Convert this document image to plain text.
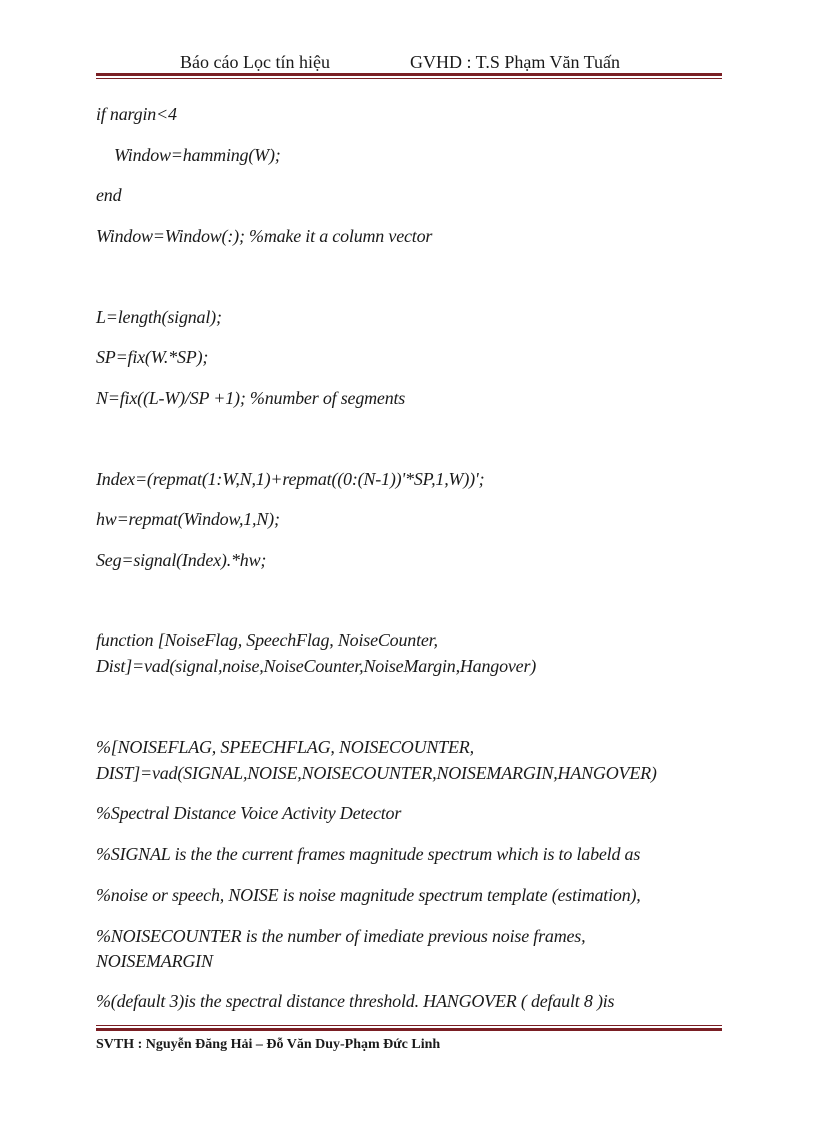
Báo cáo Lọc tín hiệu	GVHD : T.S Phạm Văn Tuấn
if nargin<4
Window=hamming(W);
end
Window=Window(:); %make it a column vector
L=length(signal);
SP=fix(W.*SP);
N=fix((L-W)/SP +1); %number of segments
Index=(repmat(1:W,N,1)+repmat((0:(N-1))'*SP,1,W))';
hw=repmat(Window,1,N);
Seg=signal(Index).*hw;
function [NoiseFlag, SpeechFlag, NoiseCounter,
Dist]=vad(signal,noise,NoiseCounter,NoiseMargin,Hangover)
%[NOISEFLAG, SPEECHFLAG, NOISECOUNTER,
DIST]=vad(SIGNAL,NOISE,NOISECOUNTER,NOISEMARGIN,HANGOVER)
%Spectral Distance Voice Activity Detector
%SIGNAL is the the current frames magnitude spectrum which is to labeld as
%noise or speech, NOISE is noise magnitude spectrum template (estimation),
%NOISECOUNTER is the number of imediate previous noise frames,
NOISEMARGIN
%(default 3)is the spectral distance threshold. HANGOVER ( default 8 )is
SVTH : Nguyễn Đăng Hải – Đỗ Văn Duy-Phạm Đức Linh
